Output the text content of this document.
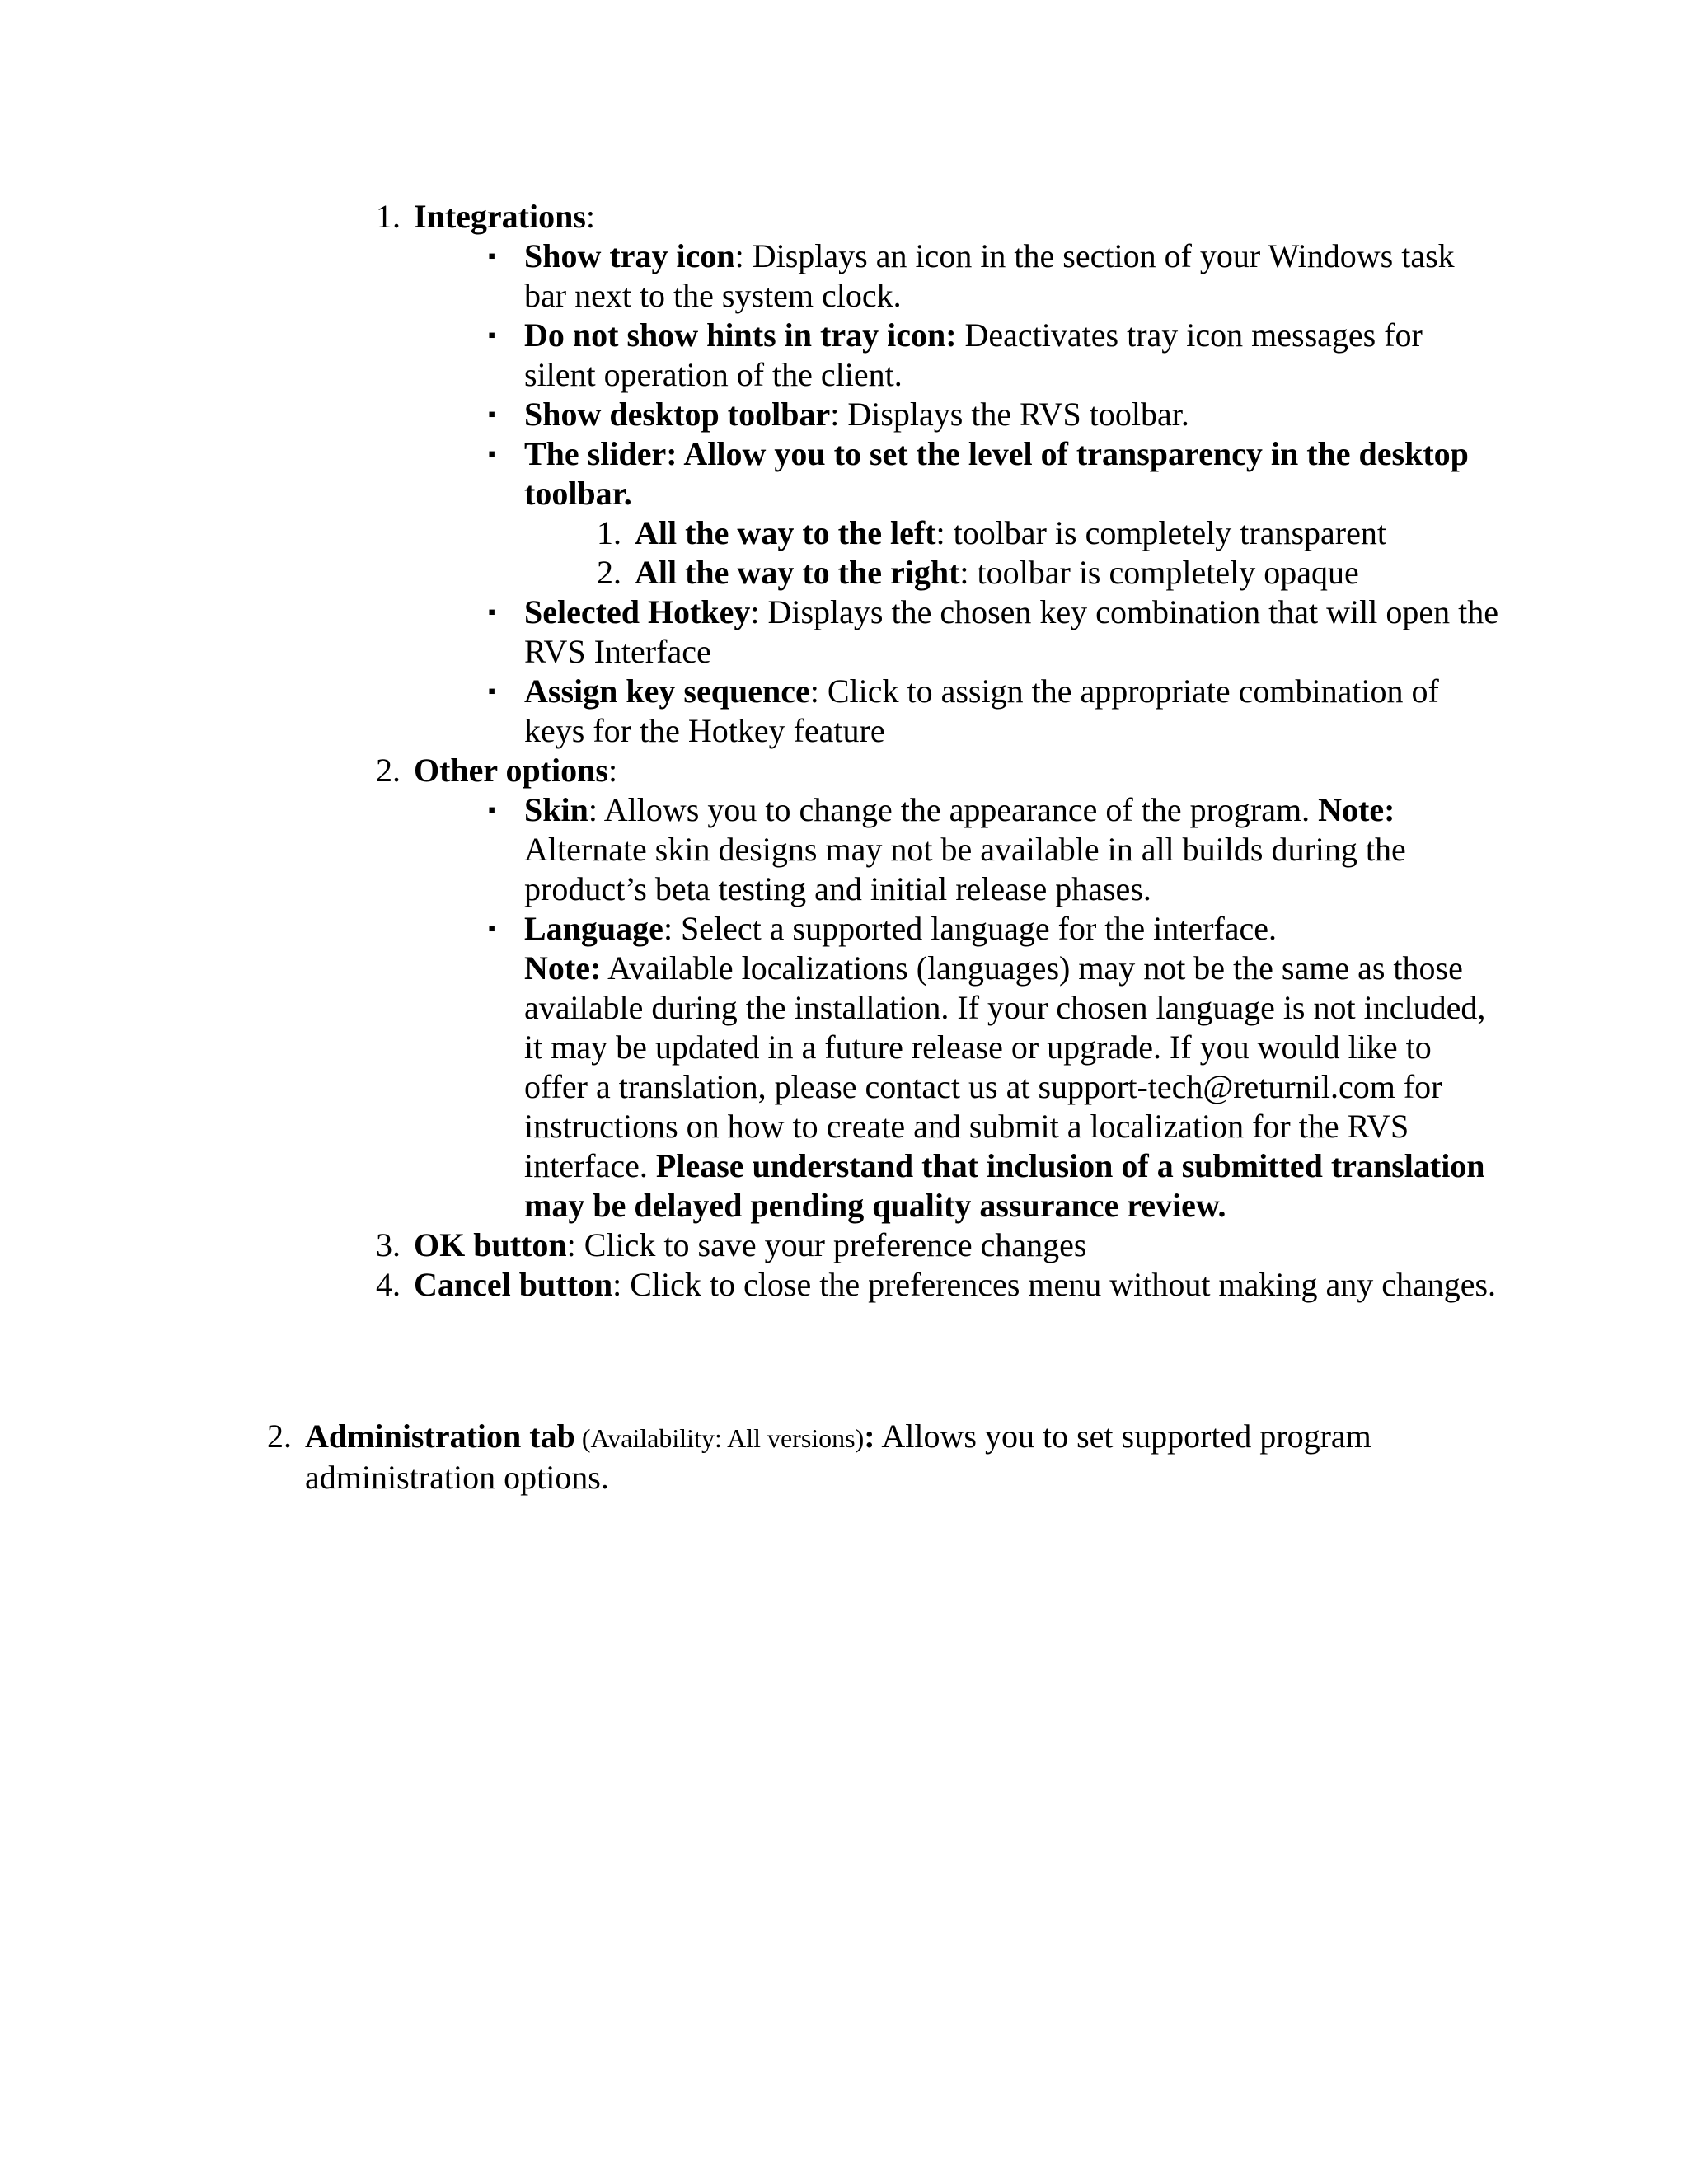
1. Integrations:
▪ Show tray icon: Displays an icon in the section of your Windows task bar next to the system clock.
▪ Do not show hints in tray icon: Deactivates tray icon messages for silent operation of the client.
▪ Show desktop toolbar: Displays the RVS toolbar.
▪ The slider: Allow you to set the level of transparency in the desktop toolbar.
1. All the way to the left: toolbar is completely transparent
2. All the way to the right: toolbar is completely opaque
▪ Selected Hotkey: Displays the chosen key combination that will open the RVS Interface
▪ Assign key sequence: Click to assign the appropriate combination of keys for the Hotkey feature
2. Other options:
▪ Skin: Allows you to change the appearance of the program. Note: Alternate skin designs may not be available in all builds during the product’s beta testing and initial release phases.
▪ Language: Select a supported language for the interface.
Note: Available localizations (languages) may not be the same as those available during the installation. If your chosen language is not included, it may be updated in a future release or upgrade. If you would like to offer a translation, please contact us at support-tech@returnil.com for instructions on how to create and submit a localization for the RVS interface. Please understand that inclusion of a submitted translation may be delayed pending quality assurance review.
3. OK button: Click to save your preference changes
4. Cancel button: Click to close the preferences menu without making any changes.
2. Administration tab (Availability: All versions): Allows you to set supported program administration options.
